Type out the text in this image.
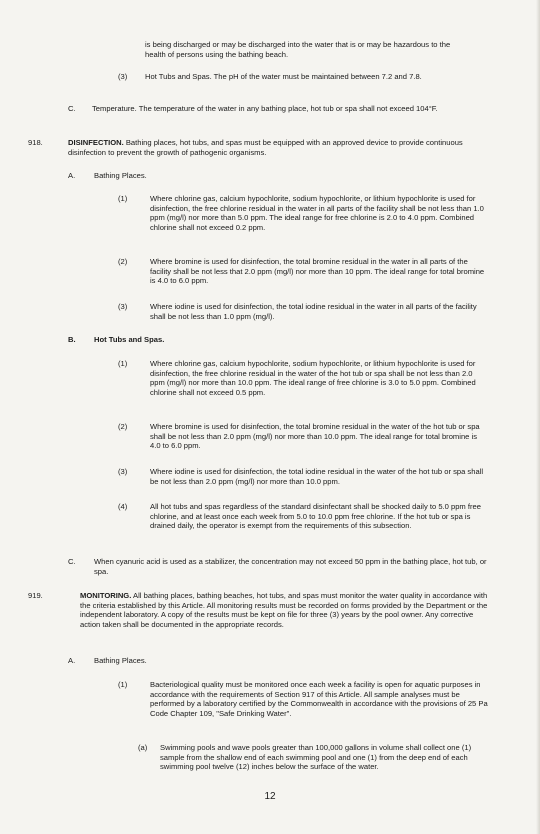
is being discharged or may be discharged into the water that is or may be hazardous to the health of persons using the bathing beach.

(3) Hot Tubs and Spas. The pH of the water must be maintained between 7.2 and 7.8.

C. Temperature. The temperature of the water in any bathing place, hot tub or spa shall not exceed 104°F.

918.	DISINFECTION. Bathing places, hot tubs, and spas must be equipped with an approved device to provide continuous disinfection to prevent the growth of pathogenic organisms.

A. Bathing Places.
(1)	Where chlorine gas, calcium hypochlorite, sodium hypochlorite, or lithium hypochlorite is used for disinfection, the free chlorine residual in the water in all parts of the facility shall be not less than 1.0 ppm (mg/l) nor more than 5.0 ppm. The ideal range for free chlorine is 2.0 to 4.0 ppm. Combined chlorine shall not exceed 0.2 ppm.

(2)	Where bromine is used for disinfection, the total bromine residual in the water in all parts of the facility shall be not less that 2.0 ppm (mg/l) nor more than 10 ppm. The ideal range for total bromine is 4.0 to 6.0 ppm.

(3)	Where iodine is used for disinfection, the total iodine residual in the water in all parts of the facility shall be not less than 1.0 ppm (mg/l).

B. Hot Tubs and Spas.
(1)	Where chlorine gas, calcium hypochlorite, sodium hypochlorite, or lithium hypochlorite is used for disinfection, the free chlorine residual in the water of the hot tub or spa shall be not less than 2.0 ppm (mg/l) nor more than 10.0 ppm. The ideal range of free chlorine is 3.0 to 5.0 ppm. Combined chlorine shall not exceed 0.5 ppm.

(2)	Where bromine is used for disinfection, the total bromine residual in the water of the hot tub or spa shall be not less than 2.0 ppm (mg/l) nor more than 10.0 ppm. The ideal range for total bromine is 4.0 to 6.0 ppm.

(3)	Where iodine is used for disinfection, the total iodine residual in the water of the hot tub or spa shall be not less than 2.0 ppm (mg/l) nor more than 10.0 ppm.

(4)	All hot tubs and spas regardless of the standard disinfectant shall be shocked daily to 5.0 ppm free chlorine, and at least once each week from 5.0 to 10.0 ppm free chlorine. If the hot tub or spa is drained daily, the operator is exempt from the requirements of this subsection.

C. When cyanuric acid is used as a stabilizer, the concentration may not exceed 50 ppm in the bathing place, hot tub, or spa.

919.	MONITORING. All bathing places, bathing beaches, hot tubs, and spas must monitor the water quality in accordance with the criteria established by this Article. All monitoring results must be recorded on forms provided by the Department or the independent laboratory. A copy of the results must be kept on file for three (3) years by the pool owner. Any corrective action taken shall be documented in the appropriate records.

A. Bathing Places.
(1)	Bacteriological quality must be monitored once each week a facility is open for aquatic purposes in accordance with the requirements of Section 917 of this Article. All sample analyses must be performed by a laboratory certified by the Commonwealth in accordance with the provisions of 25 Pa Code Chapter 109, "Safe Drinking Water".

(a) Swimming pools and wave pools greater than 100,000 gallons in volume shall collect one (1) sample from the shallow end of each swimming pool and one (1) from the deep end of each swimming pool twelve (12) inches below the surface of the water.

12
